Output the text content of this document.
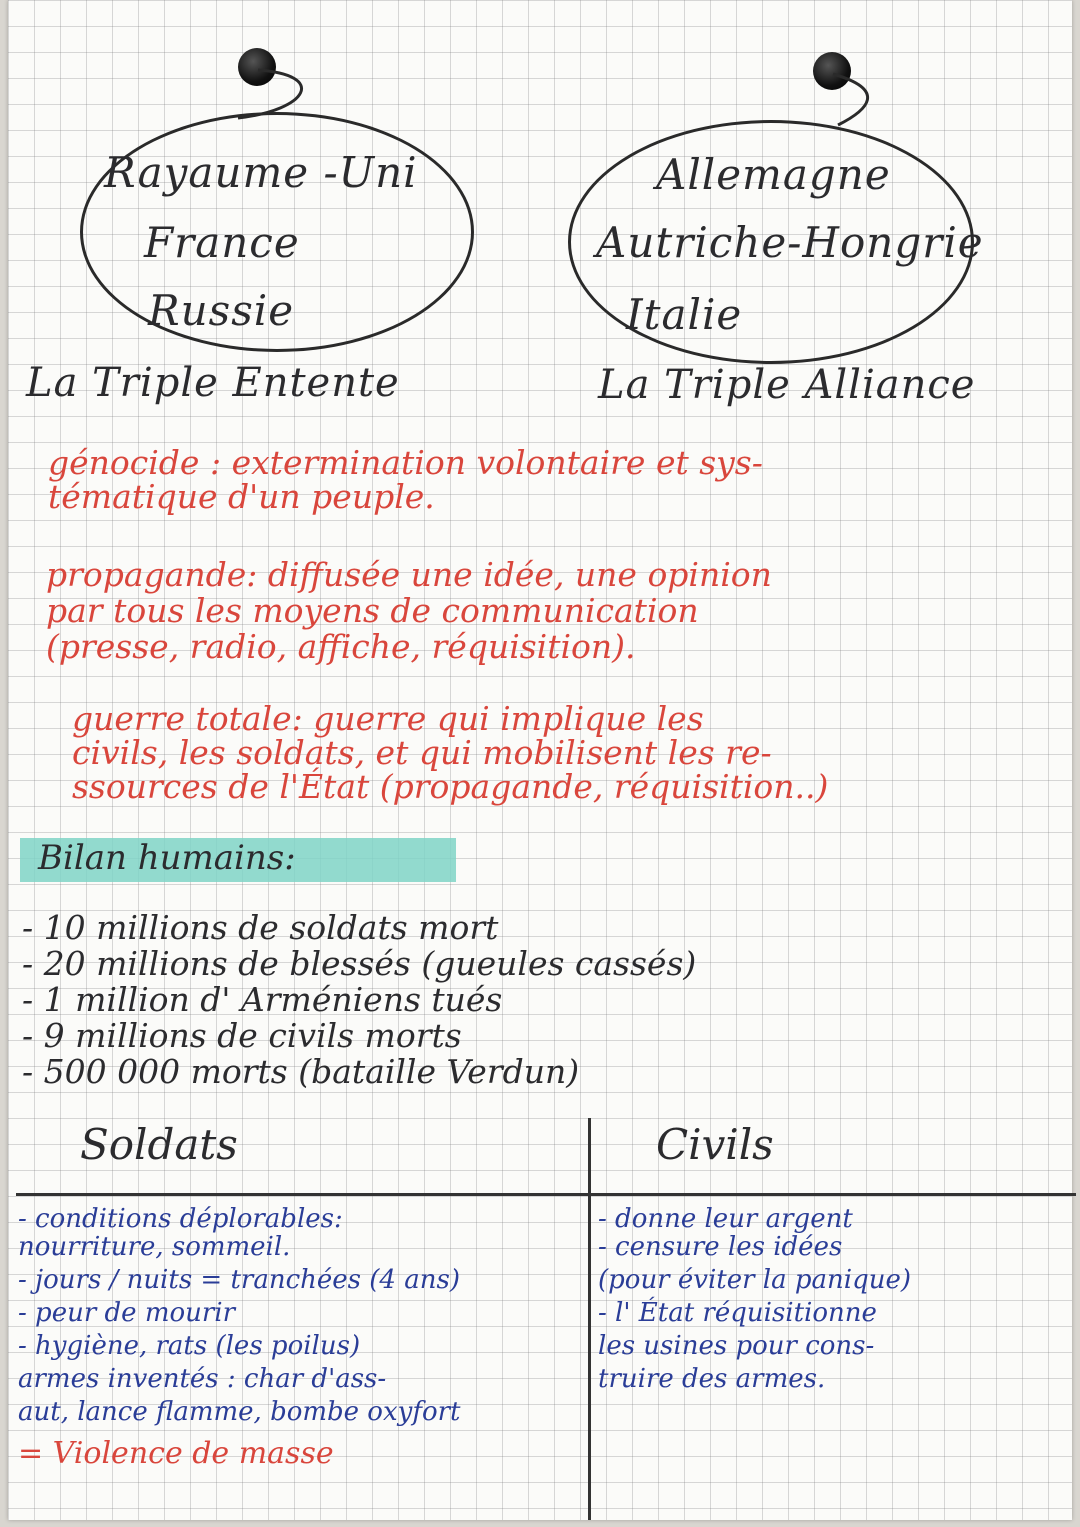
Rayaume -Uni
France
Russie
La Triple Entente
Allemagne
Autriche-Hongrie
Italie
La Triple Alliance
génocide : extermination volontaire et sys-
tématique d'un peuple.
propagande: diffusée une idée, une opinion
par tous les moyens de communication
(presse, radio, affiche, réquisition).
guerre totale: guerre qui implique les
civils, les soldats, et qui mobilisent les re-
ssources de l'État (propagande, réquisition..)
Bilan humains:
- 10 millions de soldats mort
- 20 millions de blessés (gueules cassés)
- 1 million d' Arméniens tués
- 9 millions de civils morts
- 500 000 morts (bataille Verdun)
Soldats	Civils
- conditions déplorables:
nourriture, sommeil.
- jours / nuits = tranchées (4 ans)
- peur de mourir
- hygiène, rats (les poilus)
armes inventés : char d'ass-
aut, lance flamme, bombe oxyfort
= Violence de masse
- donne leur argent
- censure les idées
(pour éviter la panique)
- l' État réquisitionne
les usines pour cons-
truire des armes.
